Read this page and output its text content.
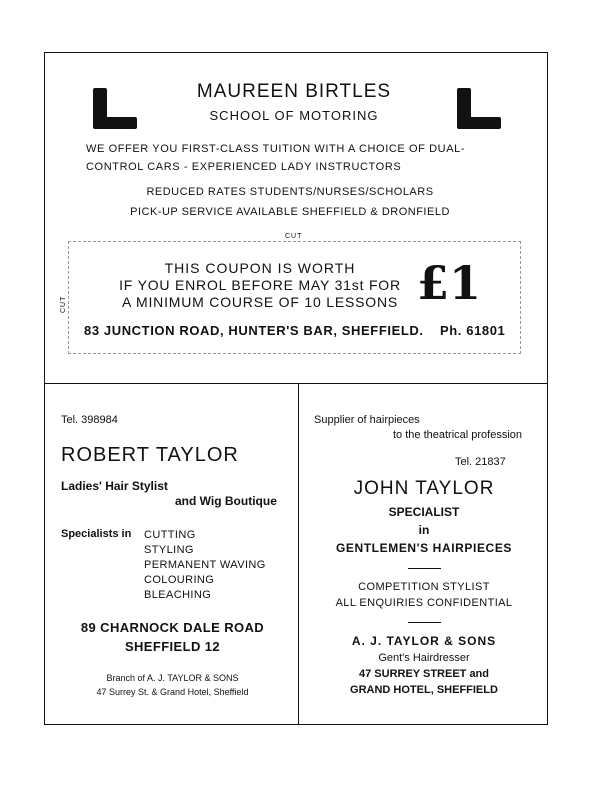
MAUREEN BIRTLES
SCHOOL OF MOTORING
WE OFFER YOU FIRST-CLASS TUITION WITH A CHOICE OF DUAL-
CONTROL CARS - EXPERIENCED LADY INSTRUCTORS
REDUCED RATES STUDENTS/NURSES/SCHOLARS
PICK-UP SERVICE AVAILABLE SHEFFIELD & DRONFIELD
CUT
CUT
THIS COUPON IS WORTH
IF YOU ENROL BEFORE MAY 31st FOR
A MINIMUM COURSE OF 10 LESSONS £1
83 JUNCTION ROAD, HUNTER'S BAR, SHEFFIELD. Ph. 61801
Tel. 398984
ROBERT TAYLOR
Ladies' Hair Stylist
and Wig Boutique
Specialists in CUTTING
STYLING
PERMANENT WAVING
COLOURING
BLEACHING
89 CHARNOCK DALE ROAD
SHEFFIELD 12
Branch of A. J. TAYLOR & SONS
47 Surrey St. & Grand Hotel, Sheffield
Supplier of hairpieces
to the theatrical profession
Tel. 21837
JOHN TAYLOR
SPECIALIST
in
GENTLEMEN'S HAIRPIECES
COMPETITION STYLIST
ALL ENQUIRIES CONFIDENTIAL
A. J. TAYLOR & SONS
Gent's Hairdresser
47 SURREY STREET and
GRAND HOTEL, SHEFFIELD
